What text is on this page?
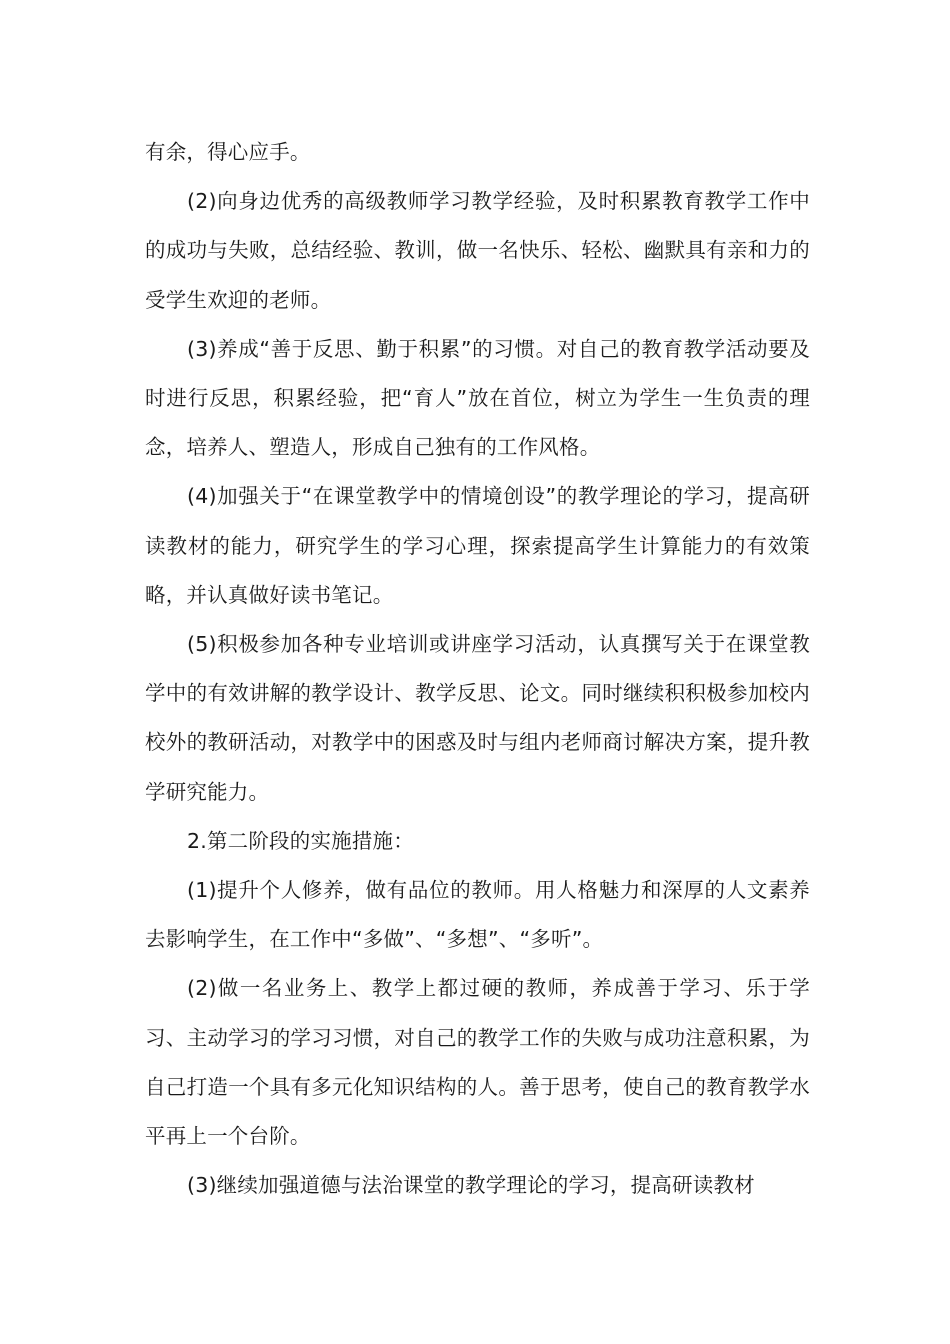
有余，得心应手。

(2)向身边优秀的高级教师学习教学经验，及时积累教育教学工作中的成功与失败，总结经验、教训，做一名快乐、轻松、幽默具有亲和力的受学生欢迎的老师。

(3)养成“善于反思、勤于积累”的习惯。对自己的教育教学活动要及时进行反思，积累经验，把“育人”放在首位，树立为学生一生负责的理念，培养人、塑造人，形成自己独有的工作风格。

(4)加强关于“在课堂教学中的情境创设”的教学理论的学习，提高研读教材的能力，研究学生的学习心理，探索提高学生计算能力的有效策略，并认真做好读书笔记。

(5)积极参加各种专业培训或讲座学习活动，认真撰写关于在课堂教学中的有效讲解的教学设计、教学反思、论文。同时继续积积极参加校内校外的教研活动，对教学中的困惑及时与组内老师商讨解决方案，提升教学研究能力。

2.第二阶段的实施措施：

(1)提升个人修养，做有品位的教师。用人格魅力和深厚的人文素养去影响学生，在工作中“多做”、“多想”、“多听”。

(2)做一名业务上、教学上都过硬的教师，养成善于学习、乐于学习、主动学习的学习习惯，对自己的教学工作的失败与成功注意积累，为自己打造一个具有多元化知识结构的人。善于思考，使自己的教育教学水平再上一个台阶。

(3)继续加强道德与法治课堂的教学理论的学习，提高研读教材
